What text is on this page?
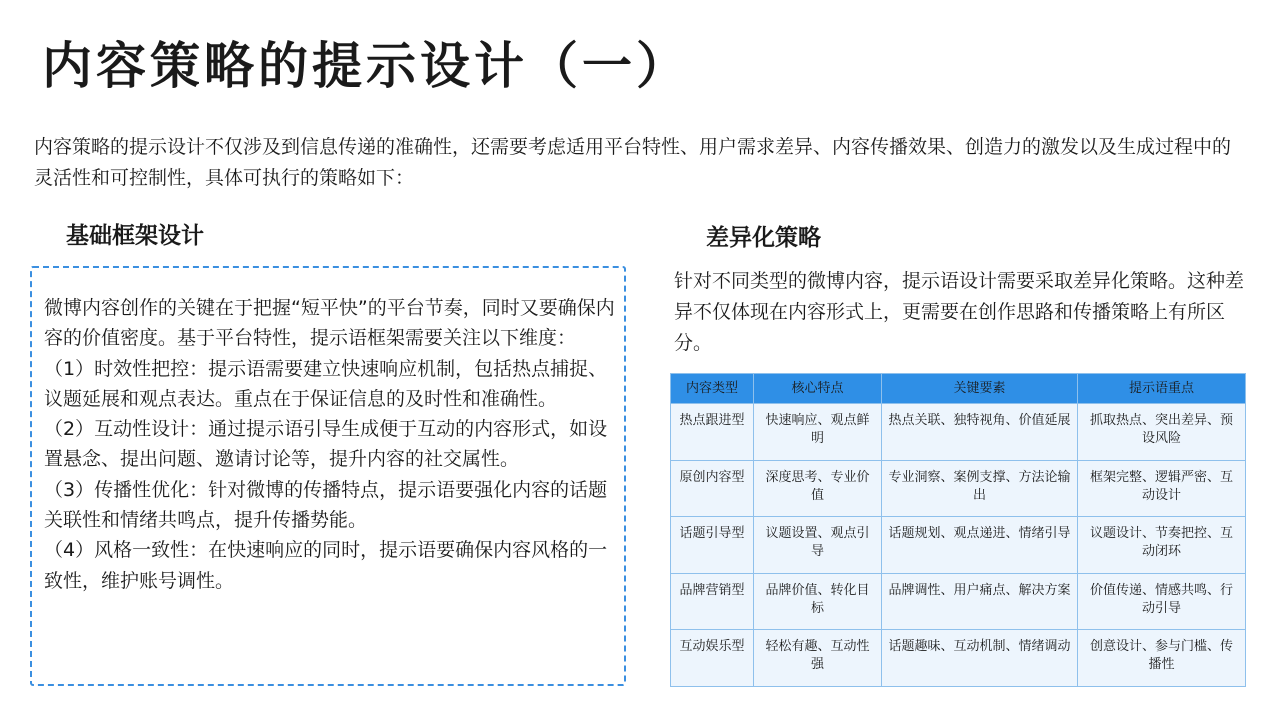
内容策略的提示设计（一）
内容策略的提示设计不仅涉及到信息传递的准确性，还需要考虑适用平台特性、用户需求差异、内容传播效果、创造力的激发以及生成过程中的灵活性和可控制性，具体可执行的策略如下：
基础框架设计	差异化策略

微博内容创作的关键在于把握“短平快”的平台节奏，同时又要确保内容的价值密度。基于平台特性，提示语框架需要关注以下维度：

（1）时效性把控：提示语需要建立快速响应机制，包括热点捕捉、议题延展和观点表达。重点在于保证信息的及时性和准确性。

（2）互动性设计：通过提示语引导生成便于互动的内容形式，如设置悬念、提出问题、邀请讨论等，提升内容的社交属性。

（3）传播性优化：针对微博的传播特点，提示语要强化内容的话题关联性和情绪共鸣点，提升传播势能。

（4）风格一致性：在快速响应的同时，提示语要确保内容风格的一致性，维护账号调性。

针对不同类型的微博内容，提示语设计需要采取差异化策略。这种差异不仅体现在内容形式上，更需要在创作思路和传播策略上有所区分。
内容类型	核心特点	关键要素	提示语重点
热点跟进型	快速响应、观点鲜明	热点关联、独特视角、价值延展	抓取热点、突出差异、预设风险
原创内容型	深度思考、专业价值	专业洞察、案例支撑、方法论输出	框架完整、逻辑严密、互动设计
话题引导型	议题设置、观点引导	话题规划、观点递进、情绪引导	议题设计、节奏把控、互动闭环
品牌营销型	品牌价值、转化目标	品牌调性、用户痛点、解决方案	价值传递、情感共鸣、行动引导
互动娱乐型	轻松有趣、互动性强	话题趣味、互动机制、情绪调动	创意设计、参与门槛、传播性
